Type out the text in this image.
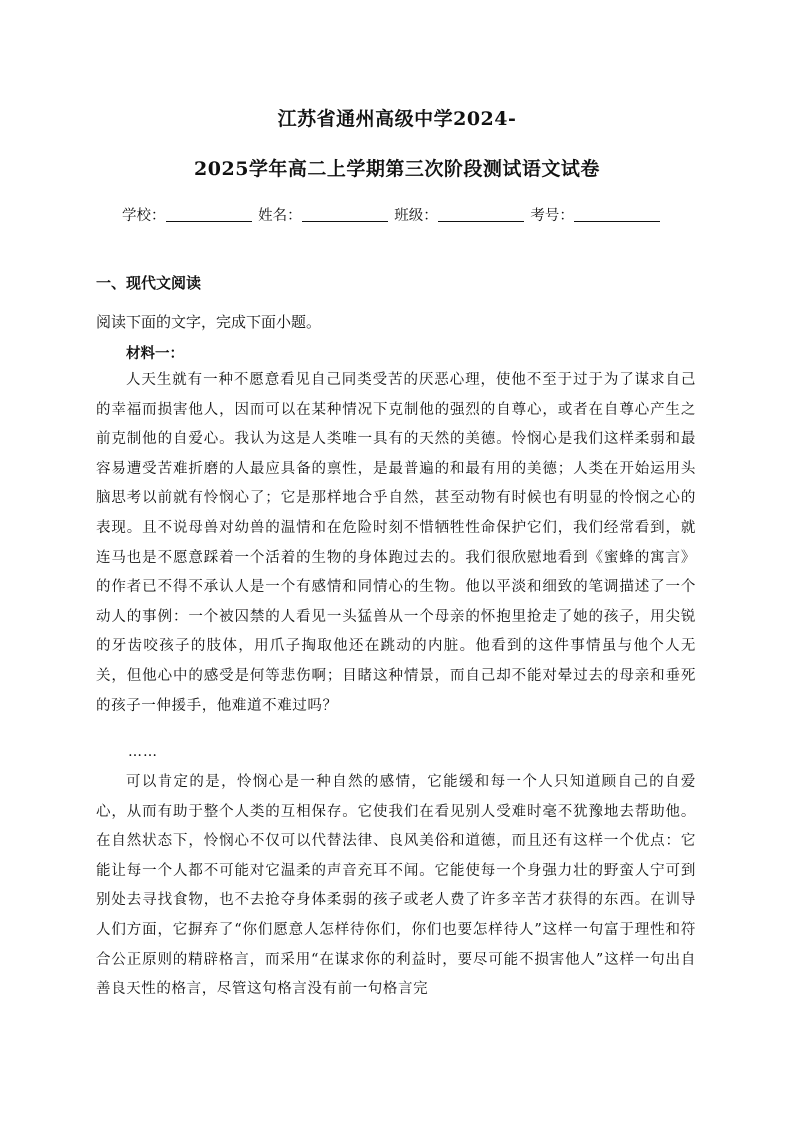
江苏省通州高级中学2024-
2025学年高二上学期第三次阶段测试语文试卷
学校：	姓名：	班级：	考号：
一、现代文阅读
阅读下面的文字，完成下面小题。
材料一：

人天生就有一种不愿意看见自己同类受苦的厌恶心理，使他不至于过于为了谋求自己的幸福而损害他人，因而可以在某种情况下克制他的强烈的自尊心，或者在自尊心产生之前克制他的自爱心。我认为这是人类唯一具有的天然的美德。怜悯心是我们这样柔弱和最容易遭受苦难折磨的人最应具备的禀性，是最普遍的和最有用的美德；人类在开始运用头脑思考以前就有怜悯心了；它是那样地合乎自然，甚至动物有时候也有明显的怜悯之心的表现。且不说母兽对幼兽的温情和在危险时刻不惜牺牲性命保护它们，我们经常看到，就连马也是不愿意踩着一个活着的生物的身体跑过去的。我们很欣慰地看到《蜜蜂的寓言》的作者已不得不承认人是一个有感情和同情心的生物。他以平淡和细致的笔调描述了一个动人的事例：一个被囚禁的人看见一头猛兽从一个母亲的怀抱里抢走了她的孩子，用尖锐的牙齿咬孩子的肢体，用爪子掏取他还在跳动的内脏。他看到的这件事情虽与他个人无关，但他心中的感受是何等悲伤啊；目睹这种情景，而自己却不能对晕过去的母亲和垂死的孩子一伸援手，他难道不难过吗？

……

可以肯定的是，怜悯心是一种自然的感情，它能缓和每一个人只知道顾自己的自爱心，从而有助于整个人类的互相保存。它使我们在看见别人受难时毫不犹豫地去帮助他。在自然状态下，怜悯心不仅可以代替法律、良风美俗和道德，而且还有这样一个优点：它能让每一个人都不可能对它温柔的声音充耳不闻。它能使每一个身强力壮的野蛮人宁可到别处去寻找食物，也不去抢夺身体柔弱的孩子或老人费了许多辛苦才获得的东西。在训导人们方面，它摒弃了“你们愿意人怎样待你们，你们也要怎样待人”这样一句富于理性和符合公正原则的精辟格言，而采用“在谋求你的利益时，要尽可能不损害他人”这样一句出自善良天性的格言，尽管这句格言没有前一句格言完
